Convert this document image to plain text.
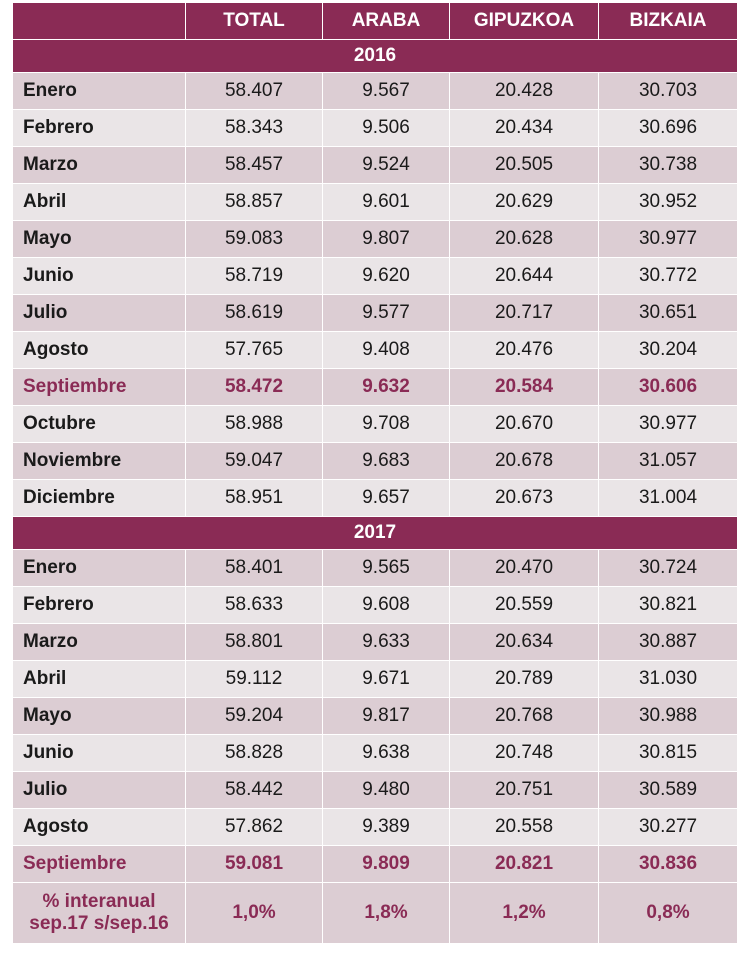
	TOTAL	ARABA	GIPUZKOA	BIZKAIA
2016				
Enero	58.407	9.567	20.428	30.703
Febrero	58.343	9.506	20.434	30.696
Marzo	58.457	9.524	20.505	30.738
Abril	58.857	9.601	20.629	30.952
Mayo	59.083	9.807	20.628	30.977
Junio	58.719	9.620	20.644	30.772
Julio	58.619	9.577	20.717	30.651
Agosto	57.765	9.408	20.476	30.204
Septiembre	58.472	9.632	20.584	30.606
Octubre	58.988	9.708	20.670	30.977
Noviembre	59.047	9.683	20.678	31.057
Diciembre	58.951	9.657	20.673	31.004
2017				
Enero	58.401	9.565	20.470	30.724
Febrero	58.633	9.608	20.559	30.821
Marzo	58.801	9.633	20.634	30.887
Abril	59.112	9.671	20.789	31.030
Mayo	59.204	9.817	20.768	30.988
Junio	58.828	9.638	20.748	30.815
Julio	58.442	9.480	20.751	30.589
Agosto	57.862	9.389	20.558	30.277
Septiembre	59.081	9.809	20.821	30.836
% interanual
sep.17 s/sep.16	1,0%	1,8%	1,2%	0,8%
